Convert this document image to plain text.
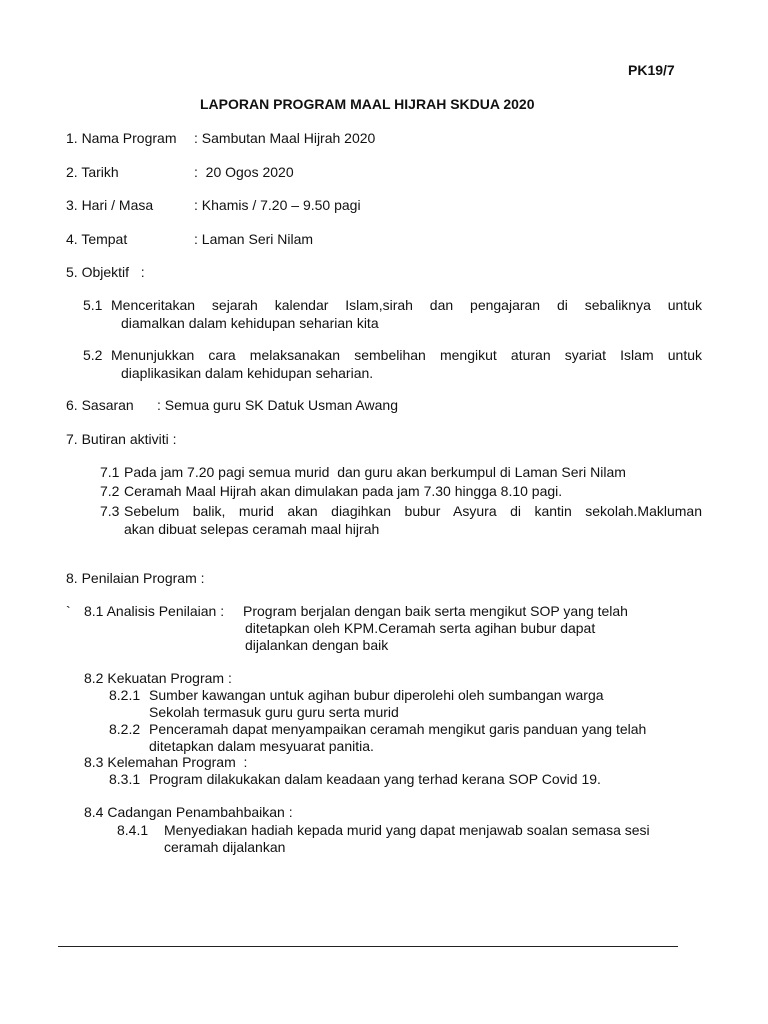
PK19/7
LAPORAN PROGRAM MAAL HIJRAH SKDUA 2020
1. Nama Program : Sambutan Maal Hijrah 2020
2. Tarikh	:  20 Ogos 2020
3. Hari / Masa	: Khamis / 7.20 – 9.50 pagi
4. Tempat	: Laman Seri Nilam
5. Objektif   :
5.1 Menceritakan sejarah kalendar Islam,sirah dan pengajaran di sebaliknya untuk
diamalkan dalam kehidupan seharian kita
5.2 Menunjukkan cara melaksanakan sembelihan mengikut aturan syariat Islam untuk
diaplikasikan dalam kehidupan seharian.
6. Sasaran : Semua guru SK Datuk Usman Awang
7. Butiran aktiviti :
7.1 Pada jam 7.20 pagi semua murid  dan guru akan berkumpul di Laman Seri Nilam
7.2 Ceramah Maal Hijrah akan dimulakan pada jam 7.30 hingga 8.10 pagi.
7.3 Sebelum balik, murid akan diagihkan bubur Asyura di kantin sekolah.Makluman
akan dibuat selepas ceramah maal hijrah
8. Penilaian Program :
` 8.1 Analisis Penilaian : Program berjalan dengan baik serta mengikut SOP yang telah
ditetapkan oleh KPM.Ceramah serta agihan bubur dapat
dijalankan dengan baik
8.2 Kekuatan Program :
8.2.1 Sumber kawangan untuk agihan bubur diperolehi oleh sumbangan warga
Sekolah termasuk guru guru serta murid
8.2.2 Penceramah dapat menyampaikan ceramah mengikut garis panduan yang telah
ditetapkan dalam mesyuarat panitia.
8.3 Kelemahan Program  :
8.3.1 Program dilakukakan dalam keadaan yang terhad kerana SOP Covid 19.
8.4 Cadangan Penambahbaikan :
8.4.1 Menyediakan hadiah kepada murid yang dapat menjawab soalan semasa sesi
ceramah dijalankan
